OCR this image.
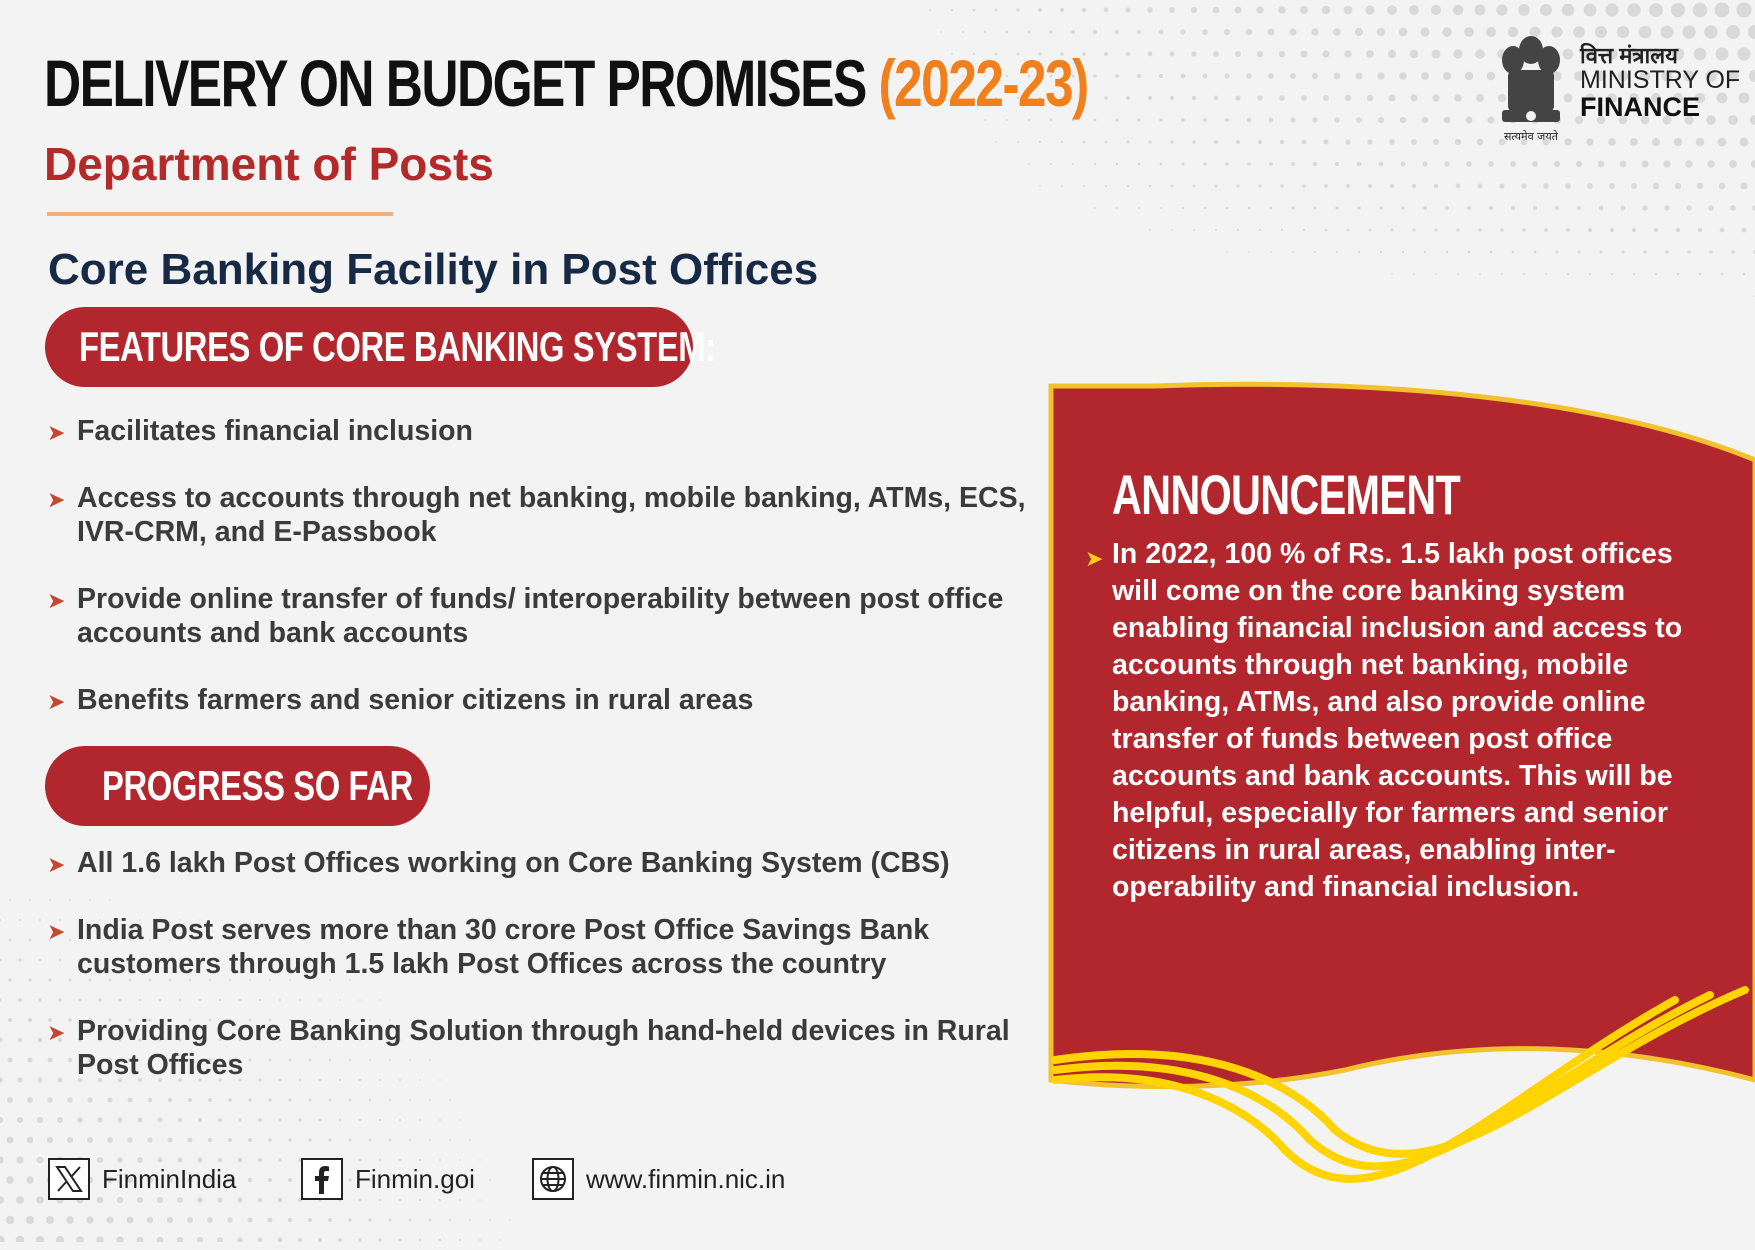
DELIVERY ON BUDGET PROMISES (2022-23)
Department of Posts
Core Banking Facility in Post Offices
सत्यमेव जयते
वित्त मंत्रालय
MINISTRY OF
FINANCE
FEATURES OF CORE BANKING SYSTEM:
➤ Facilitates financial inclusion
➤ Access to accounts through net banking, mobile banking, ATMs, ECS, IVR-CRM, and E-Passbook
➤ Provide online transfer of funds/ interoperability between post office accounts and bank accounts
➤ Benefits farmers and senior citizens in rural areas
PROGRESS SO FAR
➤ All 1.6 lakh Post Offices working on Core Banking System (CBS)
➤ India Post serves more than 30 crore Post Office Savings Bank customers through 1.5 lakh Post Offices across the country
➤ Providing Core Banking Solution through hand-held devices in Rural Post Offices
ANNOUNCEMENT
➤ In 2022, 100 % of Rs. 1.5 lakh post offices will come on the core banking system enabling financial inclusion and access to accounts through net banking, mobile banking, ATMs, and also provide online transfer of funds between post office accounts and bank accounts. This will be helpful, especially for farmers and senior citizens in rural areas, enabling inter-operability and financial inclusion.

FinminIndia	Finmin.goi	www.finmin.nic.in
